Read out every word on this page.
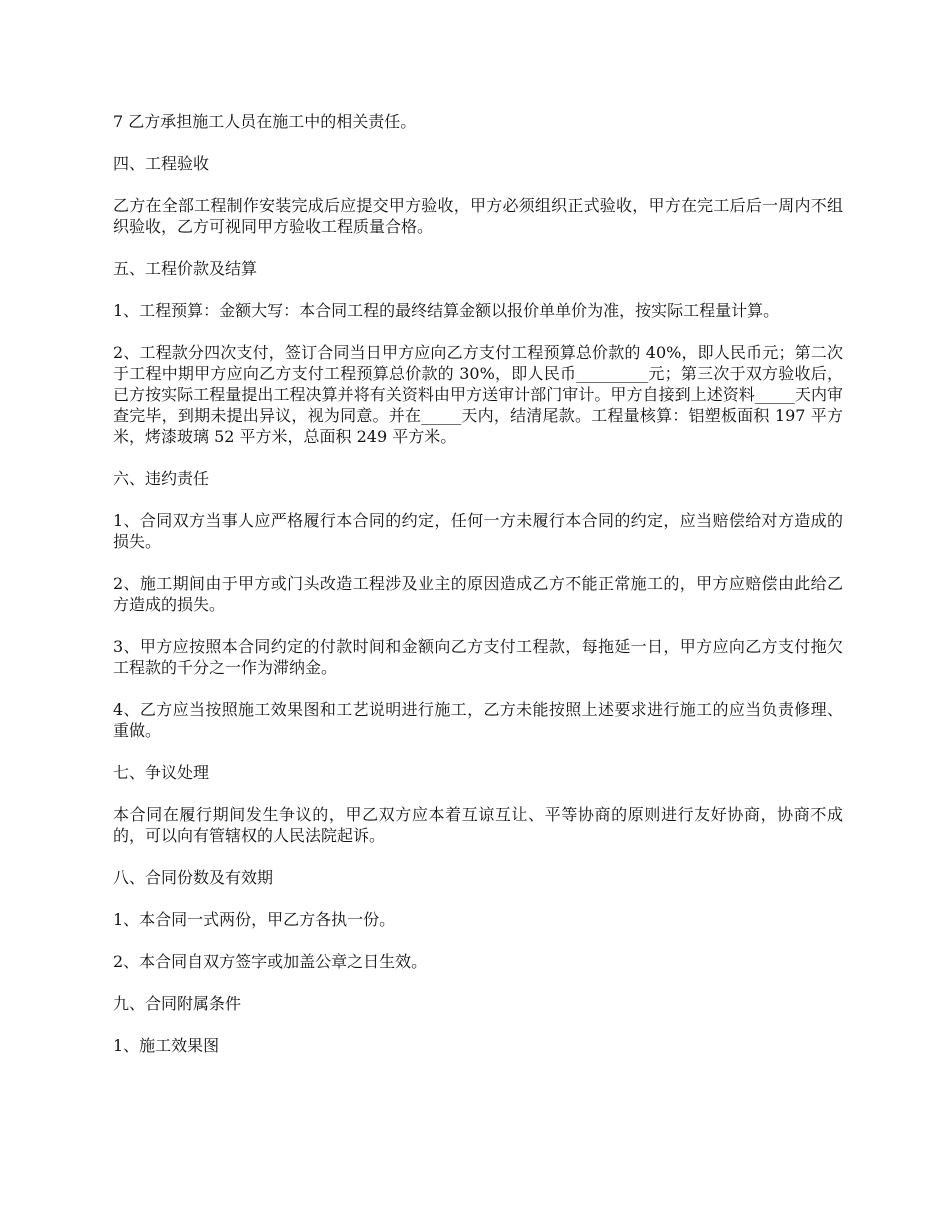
7 乙方承担施工人员在施工中的相关责任。

四、工程验收

乙方在全部工程制作安装完成后应提交甲方验收，甲方必须组织正式验收，甲方在完工后后一周内不组织验收，乙方可视同甲方验收工程质量合格。

五、工程价款及结算

1、工程预算：金额大写：本合同工程的最终结算金额以报价单单价为准，按实际工程量计算。

2、工程款分四次支付，签订合同当日甲方应向乙方支付工程预算总价款的 40%，即人民币元；第二次于工程中期甲方应向乙方支付工程预算总价款的 30%，即人民币_________元；第三次于双方验收后，已方按实际工程量提出工程决算并将有关资料由甲方送审计部门审计。甲方自接到上述资料_____天内审查完毕，到期未提出异议，视为同意。并在_____天内，结清尾款。工程量核算：铝塑板面积 197 平方米，烤漆玻璃 52 平方米，总面积 249 平方米。

六、违约责任

1、合同双方当事人应严格履行本合同的约定，任何一方未履行本合同的约定，应当赔偿给对方造成的损失。

2、施工期间由于甲方或门头改造工程涉及业主的原因造成乙方不能正常施工的，甲方应赔偿由此给乙方造成的损失。

3、甲方应按照本合同约定的付款时间和金额向乙方支付工程款，每拖延一日，甲方应向乙方支付拖欠工程款的千分之一作为滞纳金。

4、乙方应当按照施工效果图和工艺说明进行施工，乙方未能按照上述要求进行施工的应当负责修理、重做。

七、争议处理

本合同在履行期间发生争议的，甲乙双方应本着互谅互让、平等协商的原则进行友好协商，协商不成的，可以向有管辖权的人民法院起诉。

八、合同份数及有效期

1、本合同一式两份，甲乙方各执一份。

2、本合同自双方签字或加盖公章之日生效。

九、合同附属条件

1、施工效果图
